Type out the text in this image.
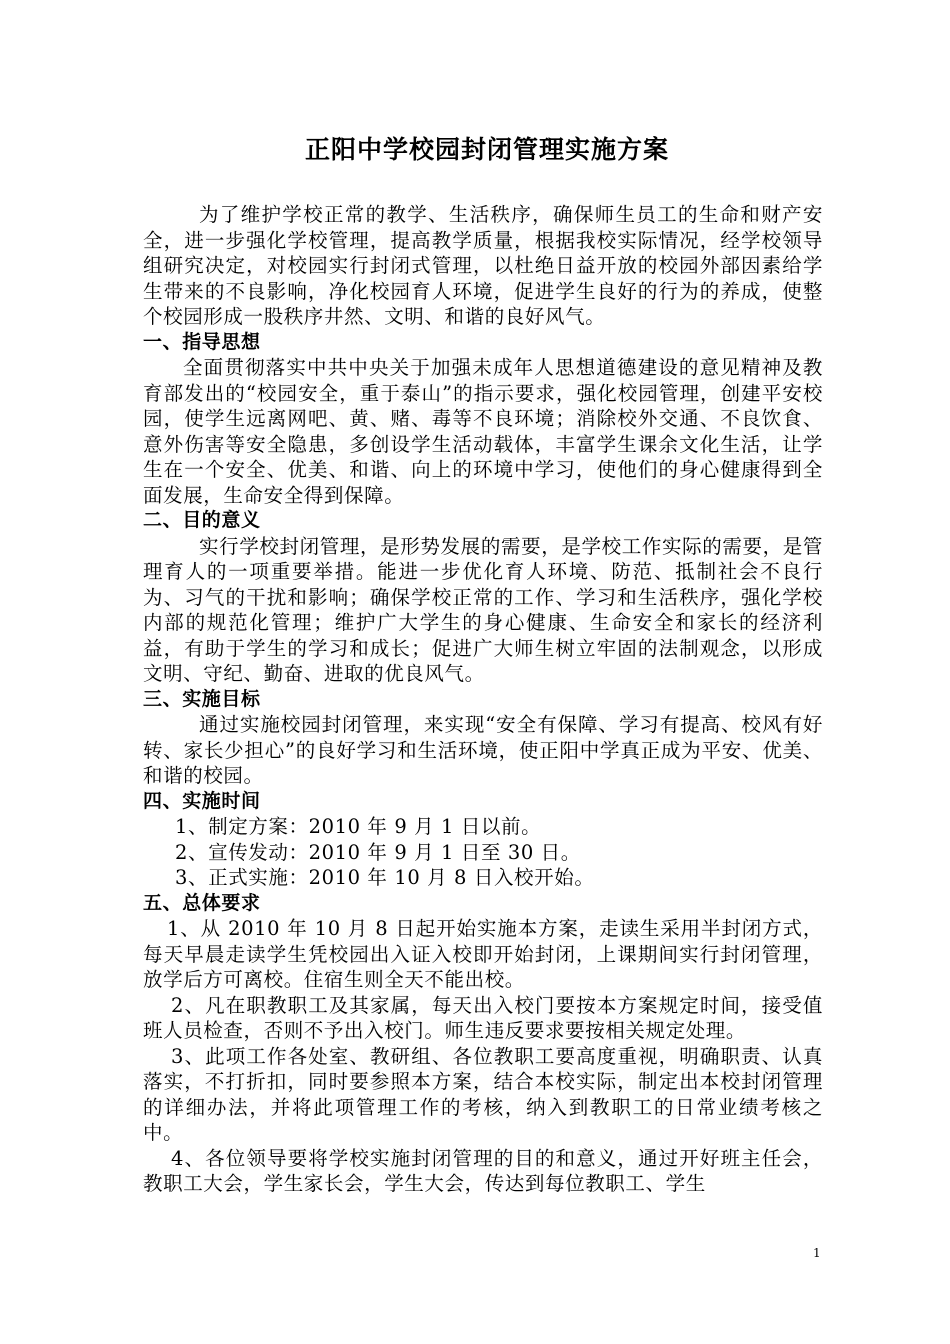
正阳中学校园封闭管理实施方案

为了维护学校正常的教学、生活秩序，确保师生员工的生命和财产安全，进一步强化学校管理，提高教学质量，根据我校实际情况，经学校领导组研究决定，对校园实行封闭式管理，以杜绝日益开放的校园外部因素给学生带来的不良影响，净化校园育人环境，促进学生良好的行为的养成，使整个校园形成一股秩序井然、文明、和谐的良好风气。

一、指导思想

全面贯彻落实中共中央关于加强未成年人思想道德建设的意见精神及教育部发出的“校园安全，重于泰山”的指示要求，强化校园管理，创建平安校园，使学生远离网吧、黄、赌、毒等不良环境；消除校外交通、不良饮食、意外伤害等安全隐患，多创设学生活动载体，丰富学生课余文化生活，让学生在一个安全、优美、和谐、向上的环境中学习，使他们的身心健康得到全面发展，生命安全得到保障。

二、目的意义

实行学校封闭管理，是形势发展的需要，是学校工作实际的需要，是管理育人的一项重要举措。能进一步优化育人环境、防范、抵制社会不良行为、习气的干扰和影响；确保学校正常的工作、学习和生活秩序，强化学校内部的规范化管理；维护广大学生的身心健康、生命安全和家长的经济利益，有助于学生的学习和成长；促进广大师生树立牢固的法制观念，以形成文明、守纪、勤奋、进取的优良风气。

三、实施目标

通过实施校园封闭管理，来实现“安全有保障、学习有提高、校风有好转、家长少担心”的良好学习和生活环境，使正阳中学真正成为平安、优美、和谐的校园。

四、实施时间

1、制定方案：2010 年 9 月 1 日以前。

2、宣传发动：2010 年 9 月 1 日至 30 日。

3、正式实施：2010 年 10 月 8 日入校开始。

五、总体要求

1、从 2010 年 10 月 8 日起开始实施本方案，走读生采用半封闭方式，每天早晨走读学生凭校园出入证入校即开始封闭，上课期间实行封闭管理，放学后方可离校。住宿生则全天不能出校。

2、凡在职教职工及其家属，每天出入校门要按本方案规定时间，接受值班人员检查，否则不予出入校门。师生违反要求要按相关规定处理。

3、此项工作各处室、教研组、各位教职工要高度重视，明确职责、认真落实，不打折扣，同时要参照本方案，结合本校实际，制定出本校封闭管理的详细办法，并将此项管理工作的考核，纳入到教职工的日常业绩考核之中。

4、各位领导要将学校实施封闭管理的目的和意义，通过开好班主任会，教职工大会，学生家长会，学生大会，传达到每位教职工、学生

1
